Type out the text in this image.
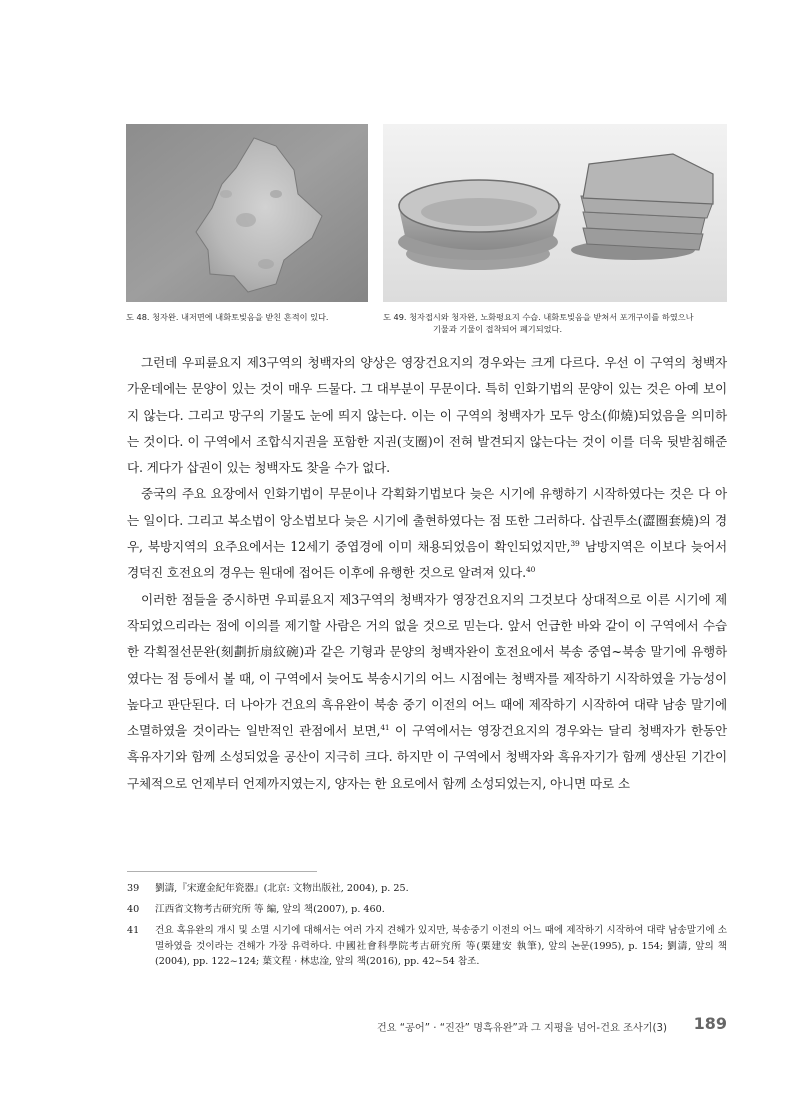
도 48. 청자완. 내저면에 내화토빚음을 받친 흔적이 있다.	도 49. 청자접시와 청자완, 노화평요지 수습. 내화토빚음을 받쳐서 포개구이를 하였으나
기물과 기물이 접착되어 폐기되었다.

그런데 우피륜요지 제3구역의 청백자의 양상은 영장건요지의 경우와는 크게 다르다. 우선 이 구역의 청백자 가운데에는 문양이 있는 것이 매우 드물다. 그 대부분이 무문이다. 특히 인화기법의 문양이 있는 것은 아예 보이지 않는다. 그리고 망구의 기물도 눈에 띄지 않는다. 이는 이 구역의 청백자가 모두 앙소(仰燒)되었음을 의미하는 것이다. 이 구역에서 조합식지권을 포함한 지권(支圈)이 전혀 발견되지 않는다는 것이 이를 더욱 뒷받침해준다. 게다가 삽권이 있는 청백자도 찾을 수가 없다.

중국의 주요 요장에서 인화기법이 무문이나 각획화기법보다 늦은 시기에 유행하기 시작하였다는 것은 다 아는 일이다. 그리고 복소법이 앙소법보다 늦은 시기에 출현하였다는 점 또한 그러하다. 삽권투소(澀圈套燒)의 경우, 북방지역의 요주요에서는 12세기 중엽경에 이미 채용되었음이 확인되었지만,$^{39}$ 남방지역은 이보다 늦어서 경덕진 호전요의 경우는 원대에 접어든 이후에 유행한 것으로 알려져 있다.$^{40}$

이러한 점들을 중시하면 우피륜요지 제3구역의 청백자가 영장건요지의 그것보다 상대적으로 이른 시기에 제작되었으리라는 점에 이의를 제기할 사람은 거의 없을 것으로 믿는다. 앞서 언급한 바와 같이 이 구역에서 수습한 각획절선문완(刻劃折扇紋碗)과 같은 기형과 문양의 청백자완이 호전요에서 북송 중엽~북송 말기에 유행하였다는 점 등에서 볼 때, 이 구역에서 늦어도 북송시기의 어느 시점에는 청백자를 제작하기 시작하였을 가능성이 높다고 판단된다. 더 나아가 건요의 흑유완이 북송 중기 이전의 어느 때에 제작하기 시작하여 대략 남송 말기에 소멸하였을 것이라는 일반적인 관점에서 보면,$^{41}$ 이 구역에서는 영장건요지의 경우와는 달리 청백자가 한동안 흑유자기와 함께 소성되었을 공산이 지극히 크다. 하지만 이 구역에서 청백자와 흑유자기가 함께 생산된 기간이 구체적으로 언제부터 언제까지였는지, 양자는 한 요로에서 함께 소성되었는지, 아니면 따로 소

39 劉濤,『宋遼金紀年瓷器』(北京: 文物出版社, 2004), p. 25.
40 江西省文物考古研究所 等 編, 앞의 책(2007), p. 460.
41 건요 흑유완의 개시 및 소멸 시기에 대해서는 여러 가지 견해가 있지만, 북송중기 이전의 어느 때에 제작하기 시작하여 대략 남송말기에 소멸하였을 것이라는 견해가 가장 유력하다. 中國社會科學院考古研究所 等(栗建安 執筆), 앞의 논문(1995), p. 154; 劉濤, 앞의 책(2004), pp. 122~124; 葉文程 · 林忠淦, 앞의 책(2016), pp. 42~54 참조.
건요 “공어” · “진잔” 명흑유완”과 그 지평을 넘어-건요 조사기(3) 189
